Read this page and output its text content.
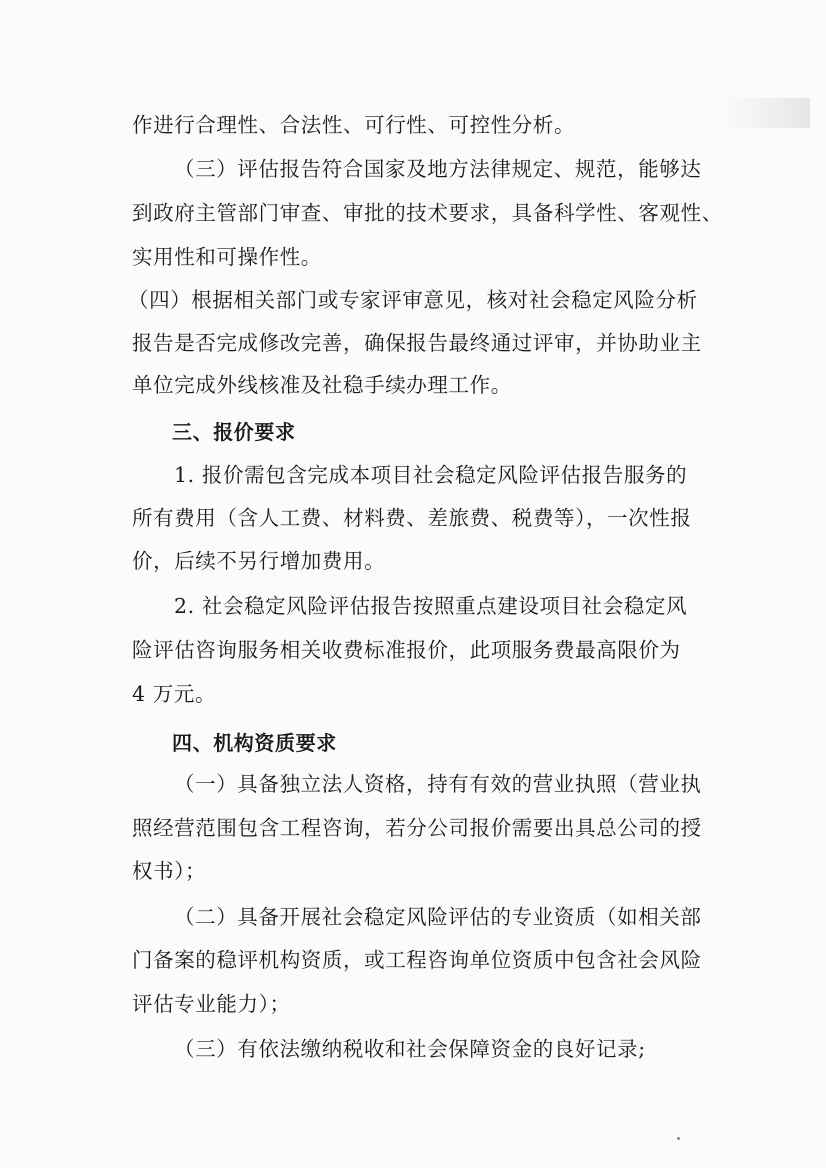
作进行合理性、合法性、可行性、可控性分析。
（三）评估报告符合国家及地方法律规定、规范，能够达
到政府主管部门审查、审批的技术要求，具备科学性、客观性、
实用性和可操作性。
（四）根据相关部门或专家评审意见，核对社会稳定风险分析
报告是否完成修改完善，确保报告最终通过评审，并协助业主
单位完成外线核准及社稳手续办理工作。
三、报价要求
1. 报价需包含完成本项目社会稳定风险评估报告服务的
所有费用（含人工费、材料费、差旅费、税费等），一次性报
价，后续不另行增加费用。
2. 社会稳定风险评估报告按照重点建设项目社会稳定风
险评估咨询服务相关收费标准报价，此项服务费最高限价为
4 万元。
四、机构资质要求
（一）具备独立法人资格，持有有效的营业执照（营业执
照经营范围包含工程咨询，若分公司报价需要出具总公司的授
权书）；
（二）具备开展社会稳定风险评估的专业资质（如相关部
门备案的稳评机构资质，或工程咨询单位资质中包含社会风险
评估专业能力）；
（三）有依法缴纳税收和社会保障资金的良好记录;
